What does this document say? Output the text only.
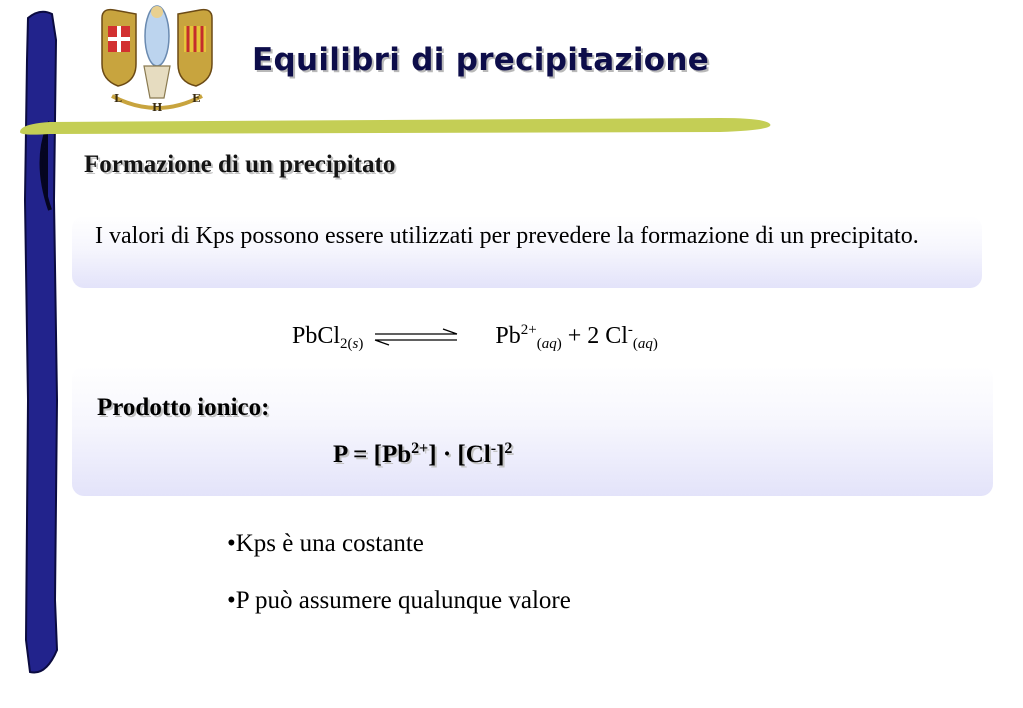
L
H
E
Equilibri di precipitazione
Formazione di un precipitato
I valori di Kps possono essere utilizzati per prevedere la formazione di un precipitato.
PbCl$_{2(s)}$ ⇌ $Pb^{2+}_{(aq)} + 2$ $Cl^-_{(aq)}$
Prodotto ionico:
$P = [Pb^{2+}] \cdot [Cl^-]^2$
•Kps è una costante
•P può assumere qualunque valore
